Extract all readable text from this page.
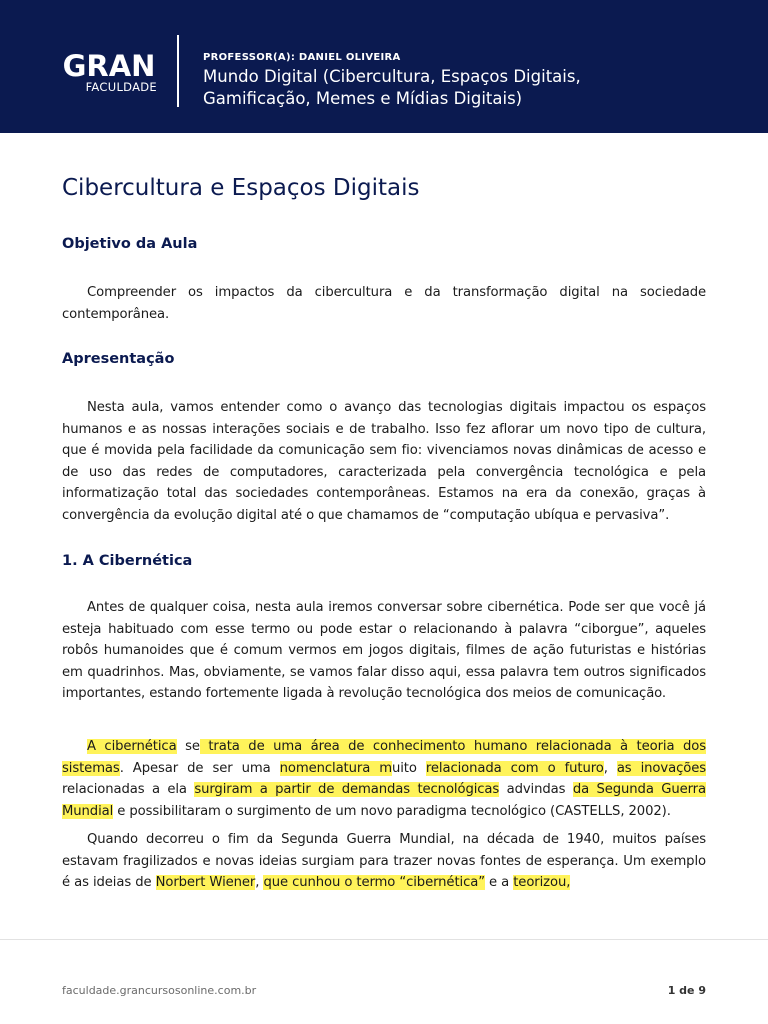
GRAN
FACULDADE
PROFESSOR(A): DANIEL OLIVEIRA
Mundo Digital (Cibercultura, Espaços Digitais,
Gamificação, Memes e Mídias Digitais)
Cibercultura e Espaços Digitais
Objetivo da Aula
Compreender os impactos da cibercultura e da transformação digital na sociedade contemporânea.
Apresentação
Nesta aula, vamos entender como o avanço das tecnologias digitais impactou os espaços humanos e as nossas interações sociais e de trabalho. Isso fez aflorar um novo tipo de cultura, que é movida pela facilidade da comunicação sem fio: vivenciamos novas dinâmicas de acesso e de uso das redes de computadores, caracterizada pela convergência tecnológica e pela informatização total das sociedades contemporâneas. Estamos na era da conexão, graças à convergência da evolução digital até o que chamamos de “computação ubíqua e pervasiva”.
1. A Cibernética
Antes de qualquer coisa, nesta aula iremos conversar sobre cibernética. Pode ser que você já esteja habituado com esse termo ou pode estar o relacionando à palavra “ciborgue”, aqueles robôs humanoides que é comum vermos em jogos digitais, filmes de ação futuristas e histórias em quadrinhos. Mas, obviamente, se vamos falar disso aqui, essa palavra tem outros significados importantes, estando fortemente ligada à revolução tecnológica dos meios de comunicação.
A cibernética se trata de uma área de conhecimento humano relacionada à teoria dos sistemas. Apesar de ser uma nomenclatura muito relacionada com o futuro, as inovações relacionadas a ela surgiram a partir de demandas tecnológicas advindas da Segunda Guerra Mundial e possibilitaram o surgimento de um novo paradigma tecnológico (CASTELLS, 2002).
Quando decorreu o fim da Segunda Guerra Mundial, na década de 1940, muitos países estavam fragilizados e novas ideias surgiam para trazer novas fontes de esperança. Um exemplo é as ideias de Norbert Wiener, que cunhou o termo “cibernética” e a teorizou,
faculdade.grancursosonline.com.br	1 de 9
